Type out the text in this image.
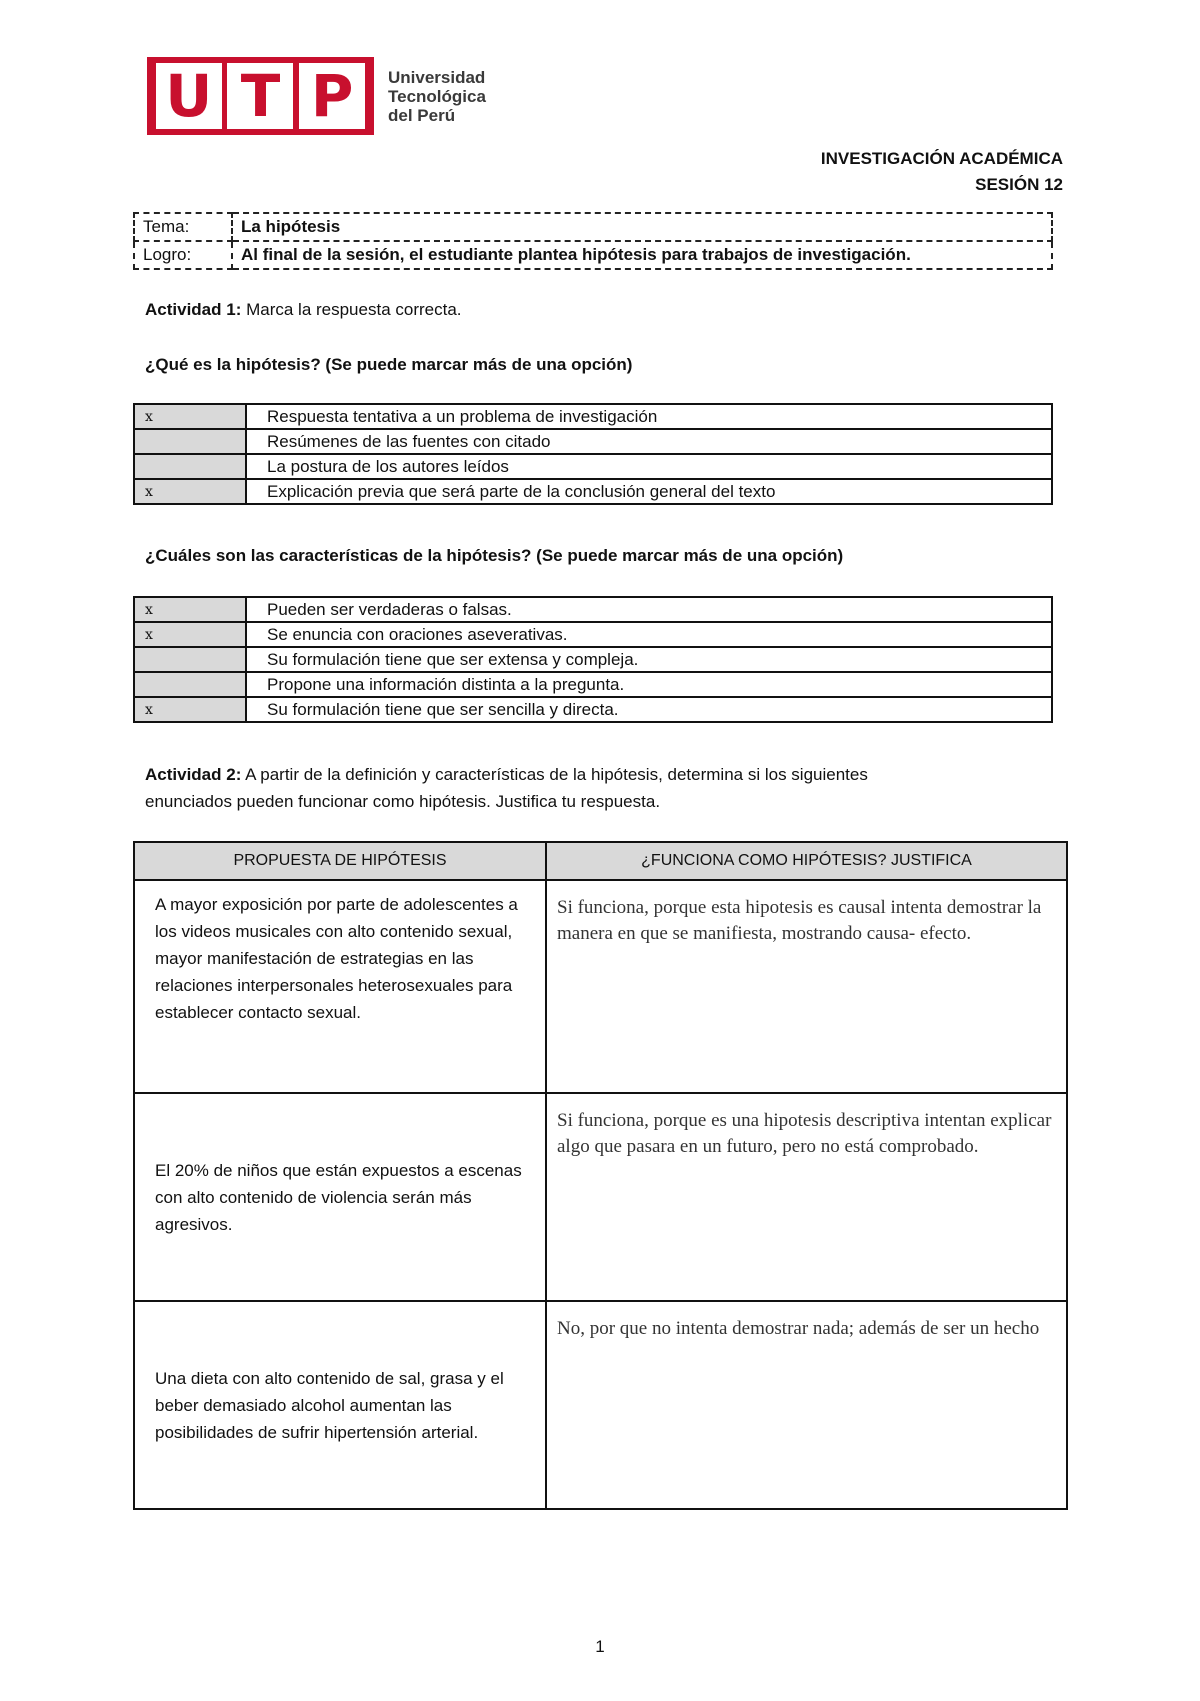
U T P	Universidad
Tecnológica
del Perú
INVESTIGACIÓN ACADÉMICA
SESIÓN 12
Tema:	La hipótesis
Logro:	Al final de la sesión, el estudiante plantea hipótesis para trabajos de investigación.
Actividad 1: Marca la respuesta correcta.
¿Qué es la hipótesis? (Se puede marcar más de una opción)
x	Respuesta tentativa a un problema de investigación
	Resúmenes de las fuentes con citado
	La postura de los autores leídos
x	Explicación previa que será parte de la conclusión general del texto
¿Cuáles son las características de la hipótesis? (Se puede marcar más de una opción)
x	Pueden ser verdaderas o falsas.
x	Se enuncia con oraciones aseverativas.
	Su formulación tiene que ser extensa y compleja.
	Propone una información distinta a la pregunta.
x	Su formulación tiene que ser sencilla y directa.
Actividad 2: A partir de la definición y características de la hipótesis, determina si los siguientes
enunciados pueden funcionar como hipótesis. Justifica tu respuesta.
PROPUESTA DE HIPÓTESIS	¿FUNCIONA COMO HIPÓTESIS? JUSTIFICA
A mayor exposición por parte de adolescentes a los videos musicales con alto contenido sexual, mayor manifestación de estrategias en las relaciones interpersonales heterosexuales para establecer contacto sexual.	Si funciona, porque esta hipotesis es causal intenta demostrar la manera en que se manifiesta, mostrando causa- efecto.
El 20% de niños que están expuestos a escenas con alto contenido de violencia serán más agresivos.	Si funciona, porque es una hipotesis descriptiva intentan explicar algo que pasara en un futuro, pero no está comprobado.
Una dieta con alto contenido de sal, grasa y el beber demasiado alcohol aumentan las posibilidades de sufrir hipertensión arterial.	No, por que no intenta demostrar nada; además de ser un hecho
1
